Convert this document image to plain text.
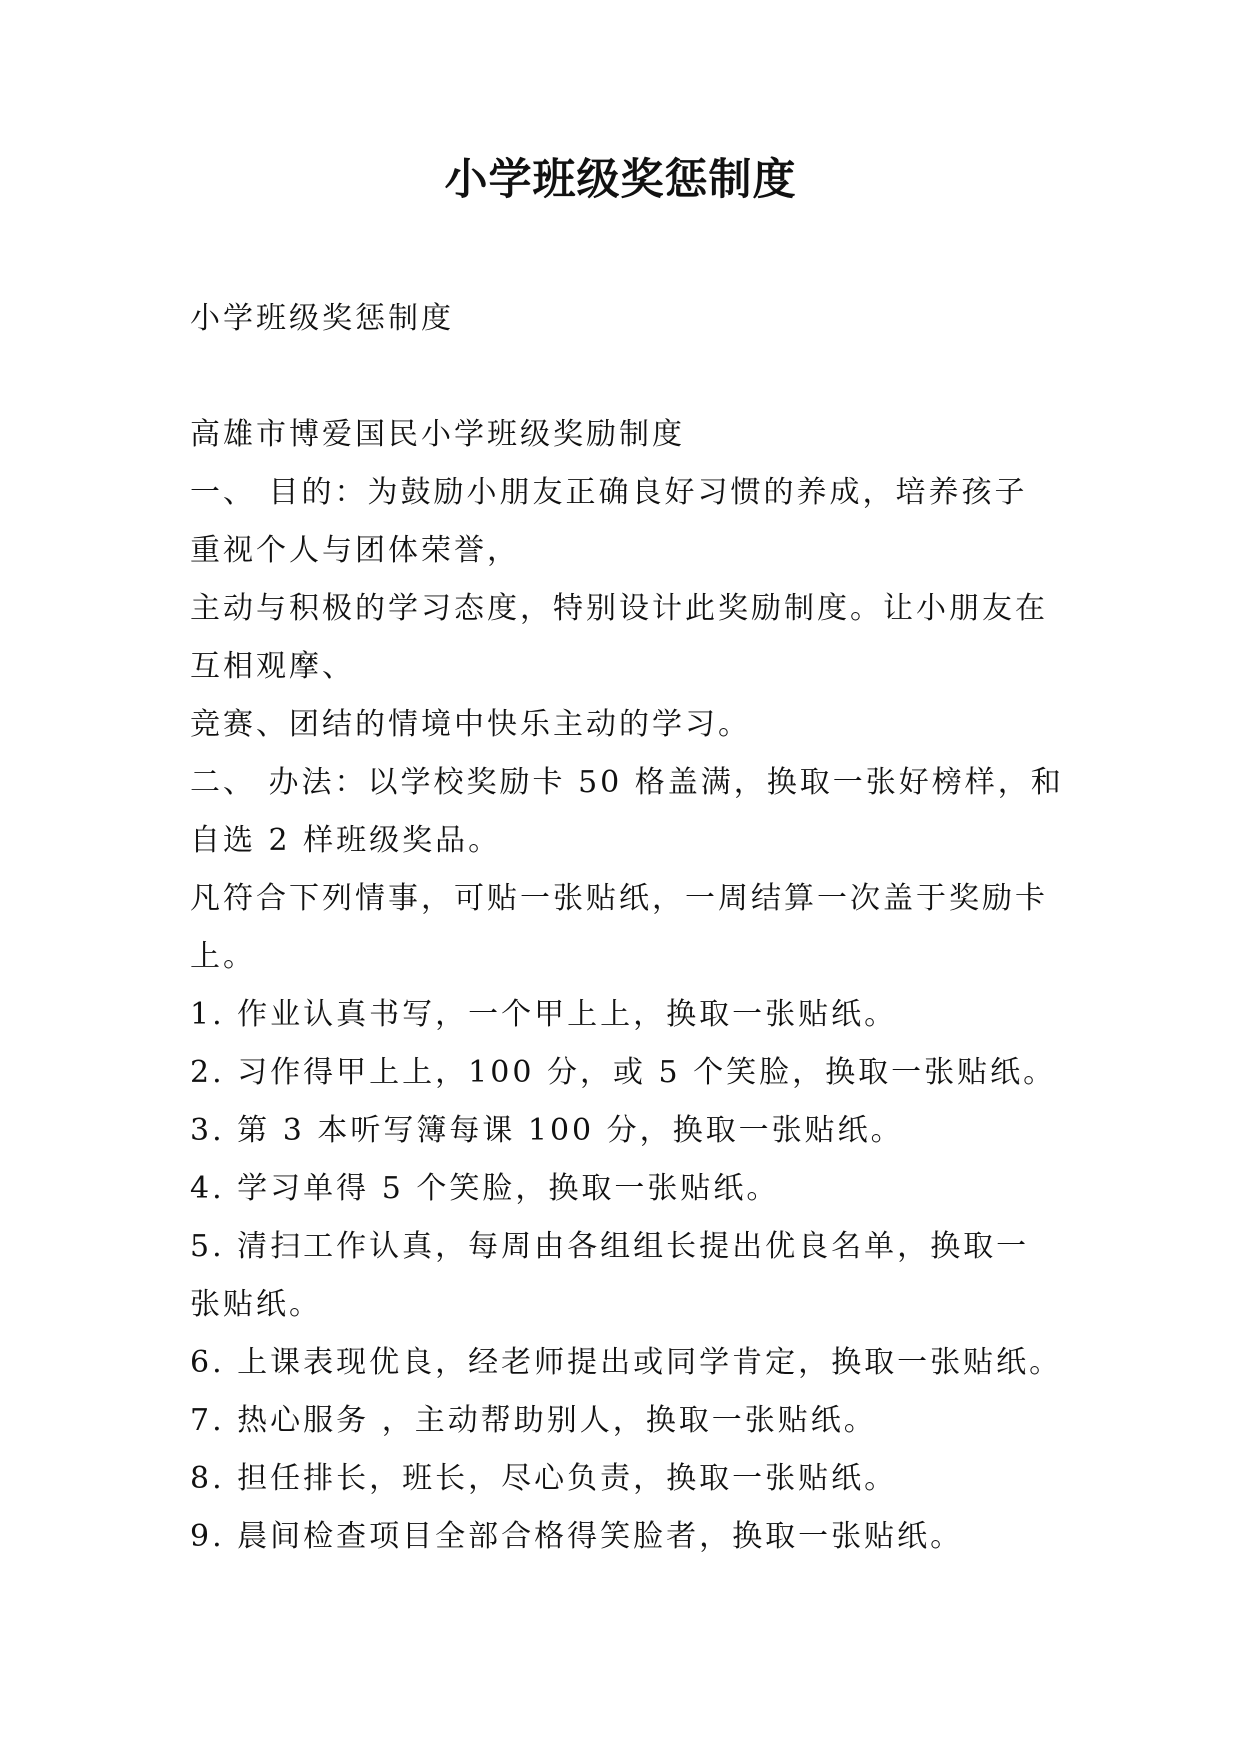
小学班级奖惩制度

小学班级奖惩制度

高雄市博爱国民小学班级奖励制度

一、 目的：为鼓励小朋友正确良好习惯的养成，培养孩子

重视个人与团体荣誉，

主动与积极的学习态度，特别设计此奖励制度。让小朋友在

互相观摩、

竞赛、团结的情境中快乐主动的学习。

二、 办法：以学校奖励卡 50 格盖满，换取一张好榜样，和

自选 2 样班级奖品。

凡符合下列情事，可贴一张贴纸，一周结算一次盖于奖励卡

上。

1. 作业认真书写，一个甲上上，换取一张贴纸。

2. 习作得甲上上，100 分，或 5 个笑脸，换取一张贴纸。

3. 第 3 本听写簿每课 100 分，换取一张贴纸。

4. 学习单得 5 个笑脸，换取一张贴纸。

5. 清扫工作认真，每周由各组组长提出优良名单，换取一

张贴纸。

6. 上课表现优良，经老师提出或同学肯定，换取一张贴纸。

7. 热心服务 ，主动帮助别人，换取一张贴纸。

8. 担任排长，班长，尽心负责，换取一张贴纸。

9. 晨间检查项目全部合格得笑脸者，换取一张贴纸。
